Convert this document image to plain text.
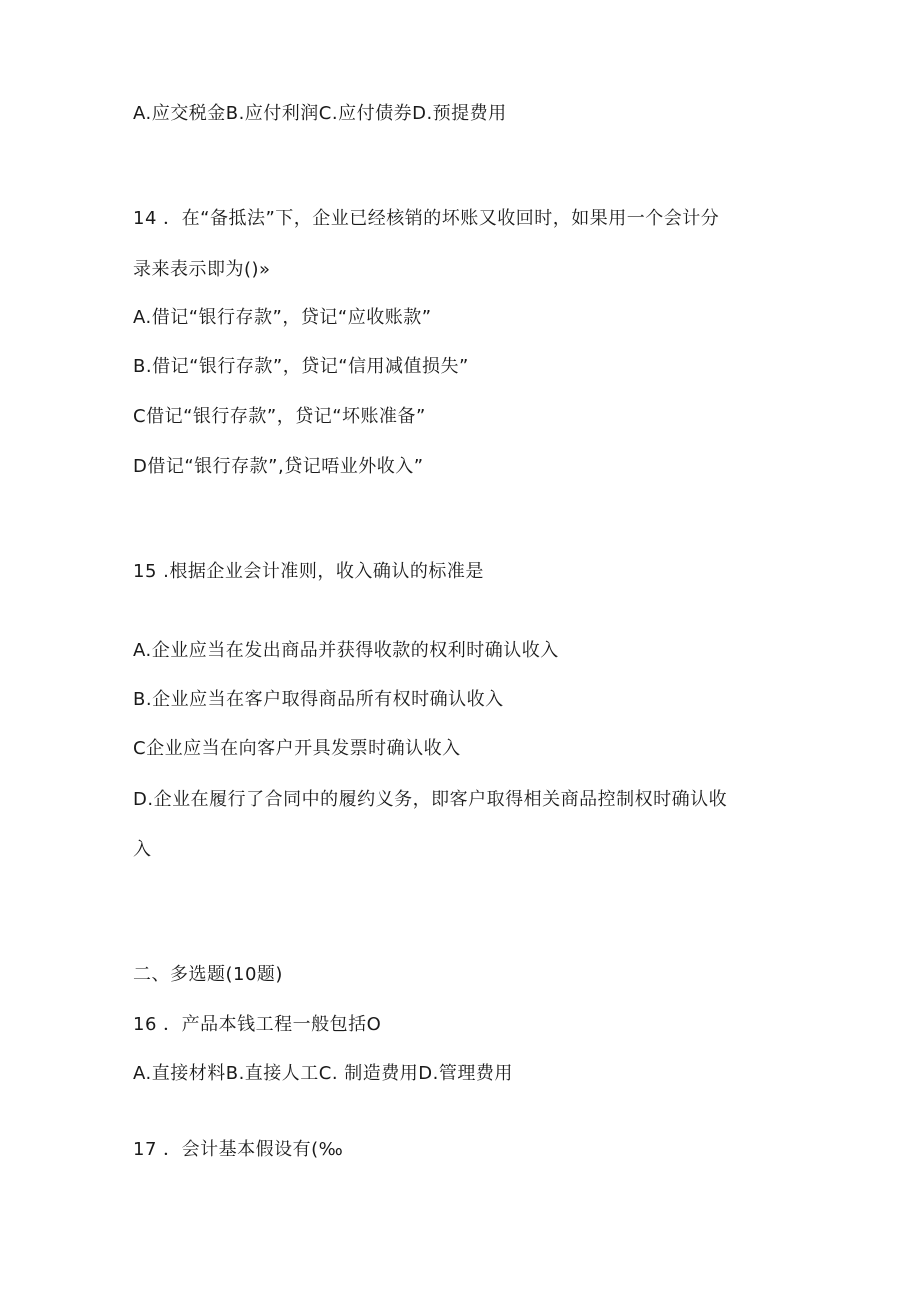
A.应交税金B.应付利润C.应付债券D.预提费用
14 ．在“备抵法”下，企业已经核销的坏账又收回时，如果用一个会计分
录来表示即为()»
A.借记“银行存款”，贷记“应收账款”
B.借记“银行存款”，贷记“信用减值损失”
C借记“银行存款”，贷记“坏账准备”
D借记“银行存款”,贷记唔业外收入”
15 .根据企业会计准则，收入确认的标准是
A.企业应当在发出商品并获得收款的权利时确认收入
B.企业应当在客户取得商品所有权时确认收入
C企业应当在向客户开具发票时确认收入
D.企业在履行了合同中的履约义务，即客户取得相关商品控制权时确认收
入
二、多选题(10题)
16 ．产品本钱工程一般包括O
A.直接材料B.直接人工C. 制造费用D.管理费用
17 ．会计基本假设有(‰
